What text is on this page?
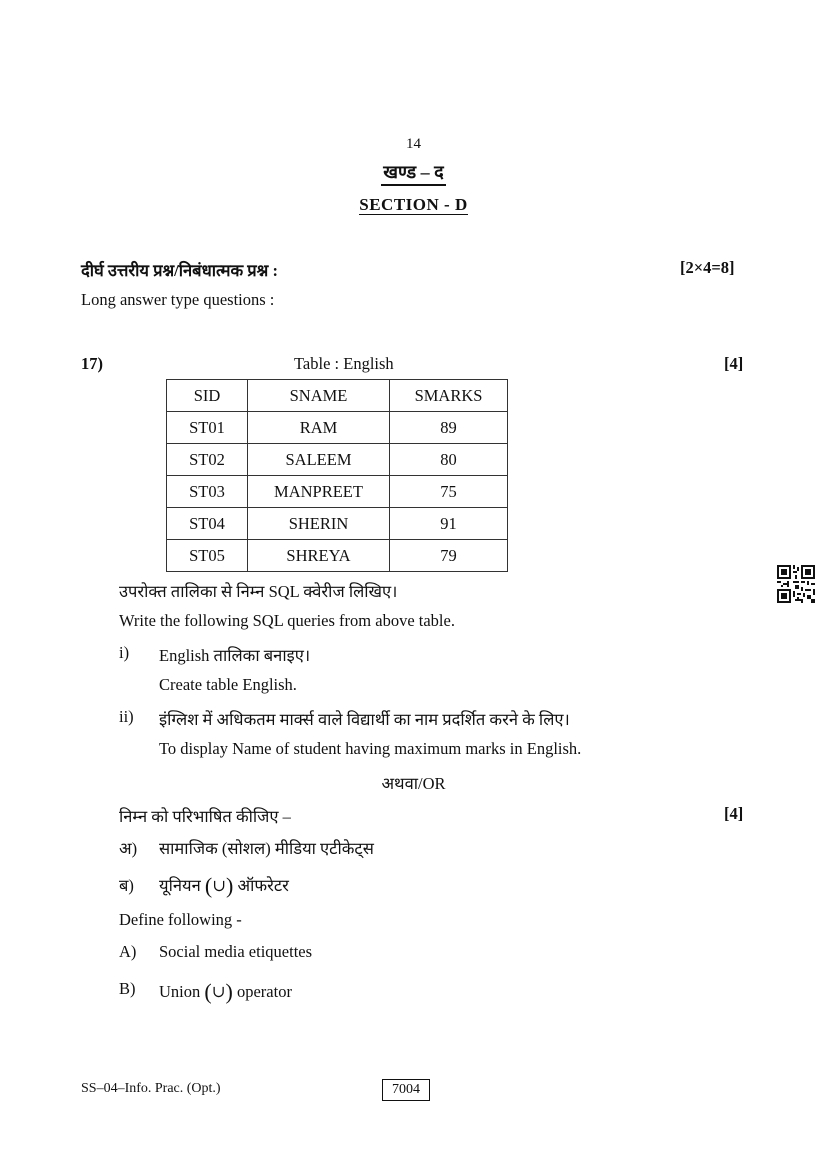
14
खण्ड – द
SECTION - D
दीर्घ उत्तरीय प्रश्न/निबंधात्मक प्रश्न :	[2×4=8]
Long answer type questions :
17)	Table : English	[4]
SID	SNAME	SMARKS
ST01	RAM	89
ST02	SALEEM	80
ST03	MANPREET	75
ST04	SHERIN	91
ST05	SHREYA	79
उपरोक्त तालिका से निम्न SQL क्वेरीज लिखिए।
Write the following SQL queries from above table.
i) English तालिका बनाइए।
Create table English.
ii) इंग्लिश में अधिकतम मार्क्स वाले विद्यार्थी का नाम प्रदर्शित करने के लिए।
To display Name of student having maximum marks in English.
अथवा/OR
निम्न को परिभाषित कीजिए –	[4]
अ) सामाजिक (सोशल) मीडिया एटीकेट्स
ब) यूनियन (∪) ऑफरेटर
Define following -
A) Social media etiquettes
B) Union (∪) operator
SS–04–Info. Prac. (Opt.)	7004
